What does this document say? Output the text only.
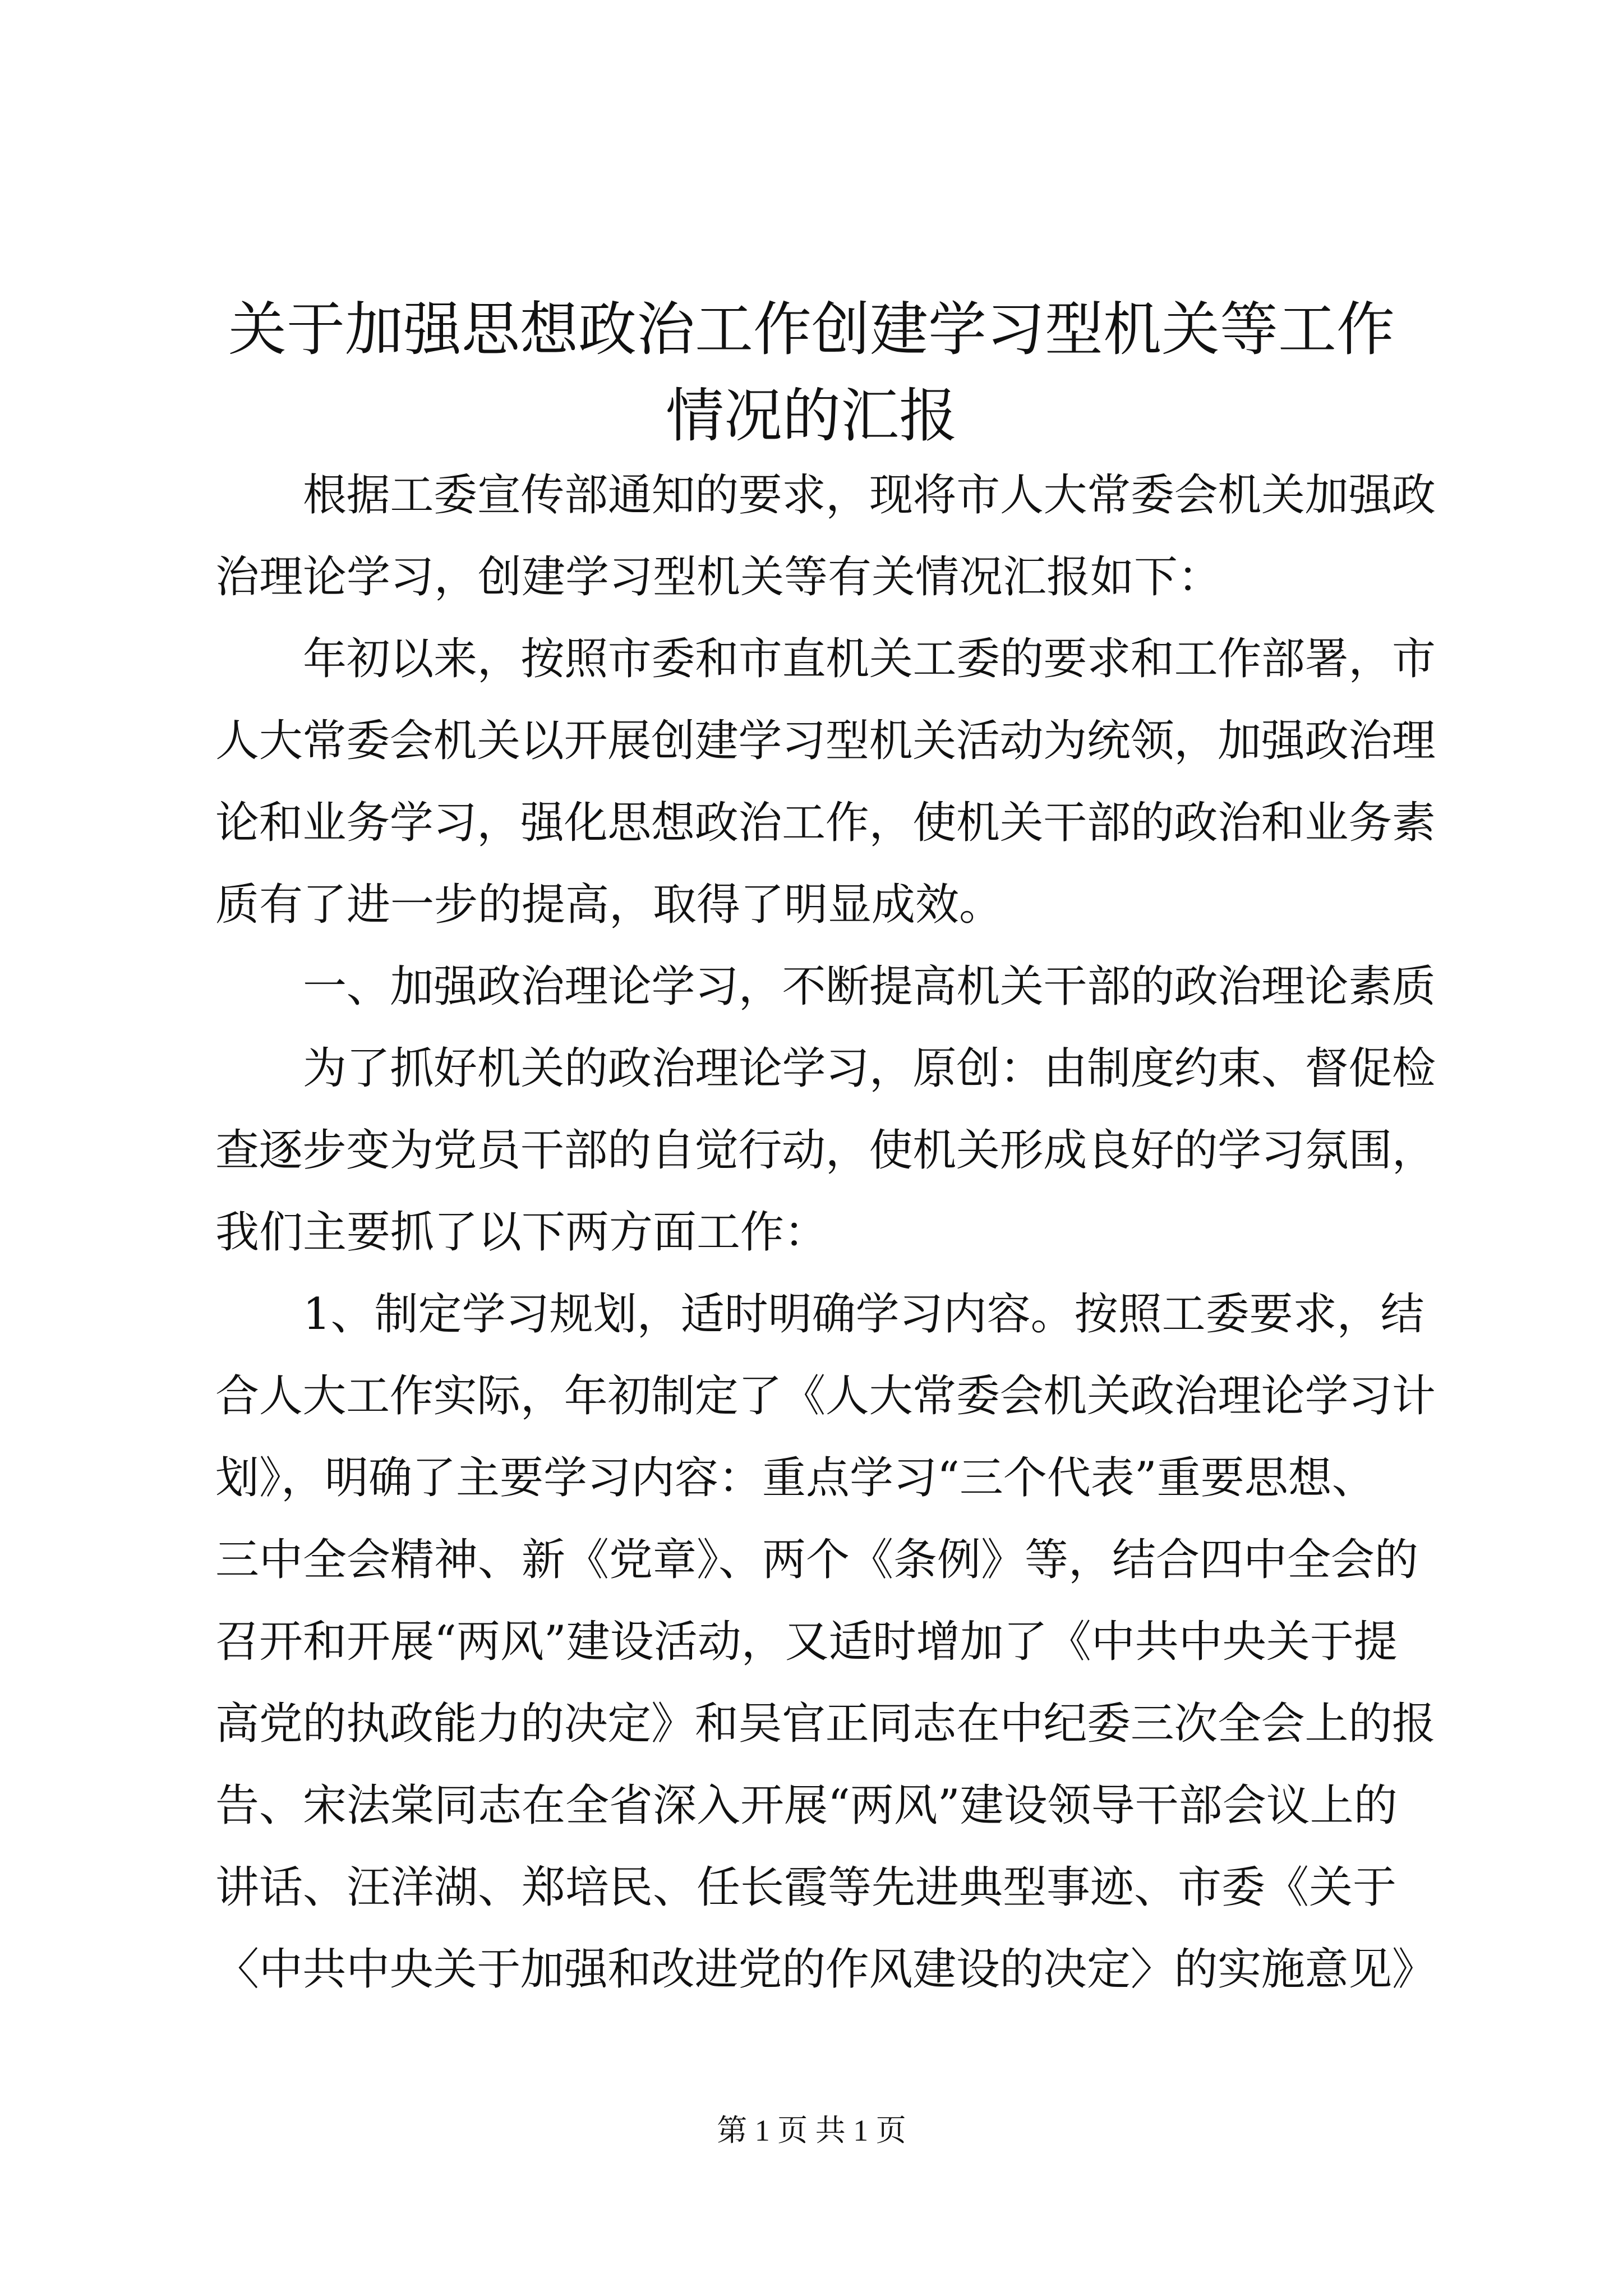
关于加强思想政治工作创建学习型机关等工作
情况的汇报
根据工委宣传部通知的要求，现将市人大常委会机关加强政
治理论学习，创建学习型机关等有关情况汇报如下：
年初以来，按照市委和市直机关工委的要求和工作部署，市
人大常委会机关以开展创建学习型机关活动为统领，加强政治理
论和业务学习，强化思想政治工作，使机关干部的政治和业务素
质有了进一步的提高，取得了明显成效。
一、加强政治理论学习，不断提高机关干部的政治理论素质
为了抓好机关的政治理论学习，原创：由制度约束、督促检
查逐步变为党员干部的自觉行动，使机关形成良好的学习氛围，
我们主要抓了以下两方面工作：
1、制定学习规划，适时明确学习内容。按照工委要求，结
合人大工作实际，年初制定了《人大常委会机关政治理论学习计
划》，明确了主要学习内容：重点学习“三个代表”重要思想、
三中全会精神、新《党章》、两个《条例》等，结合四中全会的
召开和开展“两风”建设活动，又适时增加了《中共中央关于提
高党的执政能力的决定》和吴官正同志在中纪委三次全会上的报
告、宋法棠同志在全省深入开展“两风”建设领导干部会议上的
讲话、汪洋湖、郑培民、任长霞等先进典型事迹、市委《关于
〈中共中央关于加强和改进党的作风建设的决定〉的实施意见》
第 1 页 共 1 页
